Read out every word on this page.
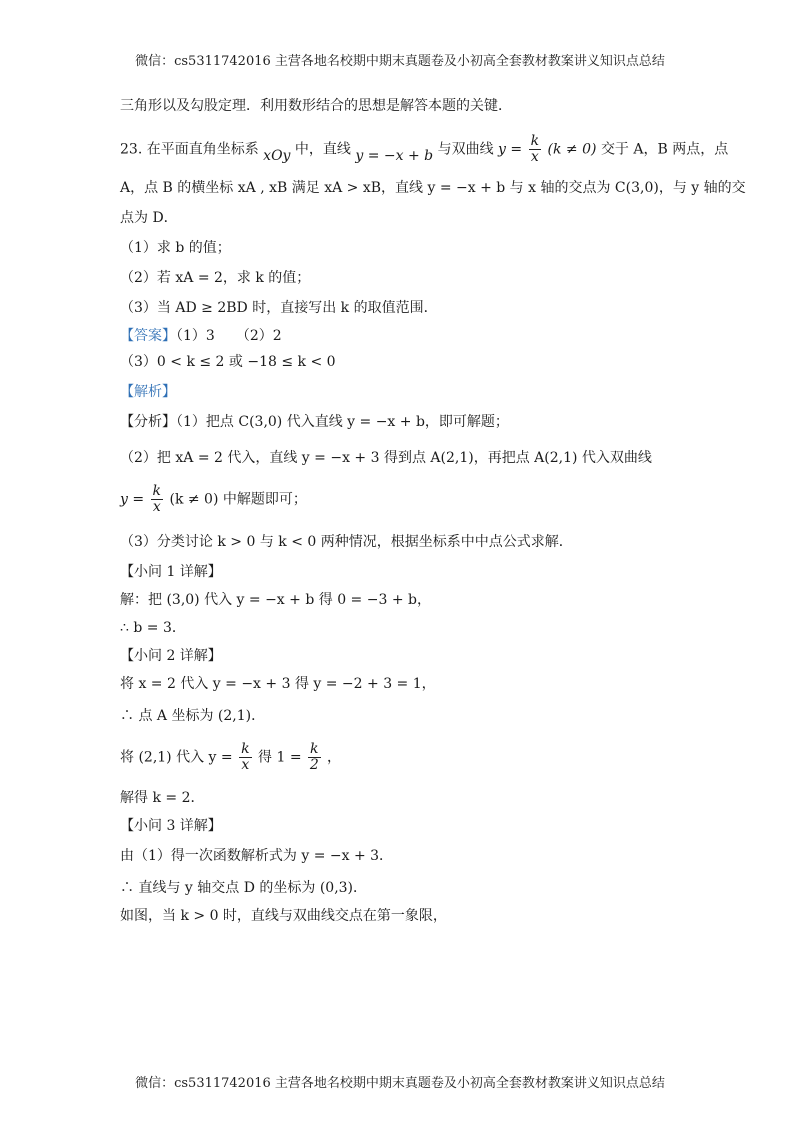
微信：cs5311742016 主营各地名校期中期末真题卷及小初高全套教材教案讲义知识点总结
三角形以及勾股定理．利用数形结合的思想是解答本题的关键．
23. 在平面直角坐标系 xOy 中，直线 y = −x + b 与双曲线 $y = \frac{k}{x} (k \ne 0)$ 交于 A，B 两点，点
A，点 B 的横坐标 xA , xB 满足 xA > xB，直线 y = −x + b 与 x 轴的交点为 C(3,0)，与 y 轴的交
点为 D．
（1）求 b 的值；
（2）若 xA = 2，求 k 的值；
（3）当 AD ≥ 2BD 时，直接写出 k 的取值范围．
【答案】（1）3　　（2）2
（3）0 < k ≤ 2 或 −18 ≤ k < 0
【解析】
【分析】（1）把点 C(3,0) 代入直线 y = −x + b，即可解题；
（2）把 xA = 2 代入，直线 y = −x + 3 得到点 A(2,1)，再把点 A(2,1) 代入双曲线
$y = \frac{k}{x} (k \ne 0)$ 中解题即可；
（3）分类讨论 k > 0 与 k < 0 两种情况，根据坐标系中中点公式求解．
【小问 1 详解】
解：把 (3,0) 代入 y = −x + b 得 0 = −3 + b，
∴ b = 3．
【小问 2 详解】
将 x = 2 代入 y = −x + 3 得 y = −2 + 3 = 1，
∴ 点 A 坐标为 (2,1)．
将 (2,1) 代入 $y = \frac{k}{x}$ 得 $1 = \frac{k}{2}$ ，
解得 k = 2．
【小问 3 详解】
由（1）得一次函数解析式为 y = −x + 3．
∴ 直线与 y 轴交点 D 的坐标为 (0,3)．
如图，当 k > 0 时，直线与双曲线交点在第一象限，
微信：cs5311742016 主营各地名校期中期末真题卷及小初高全套教材教案讲义知识点总结
